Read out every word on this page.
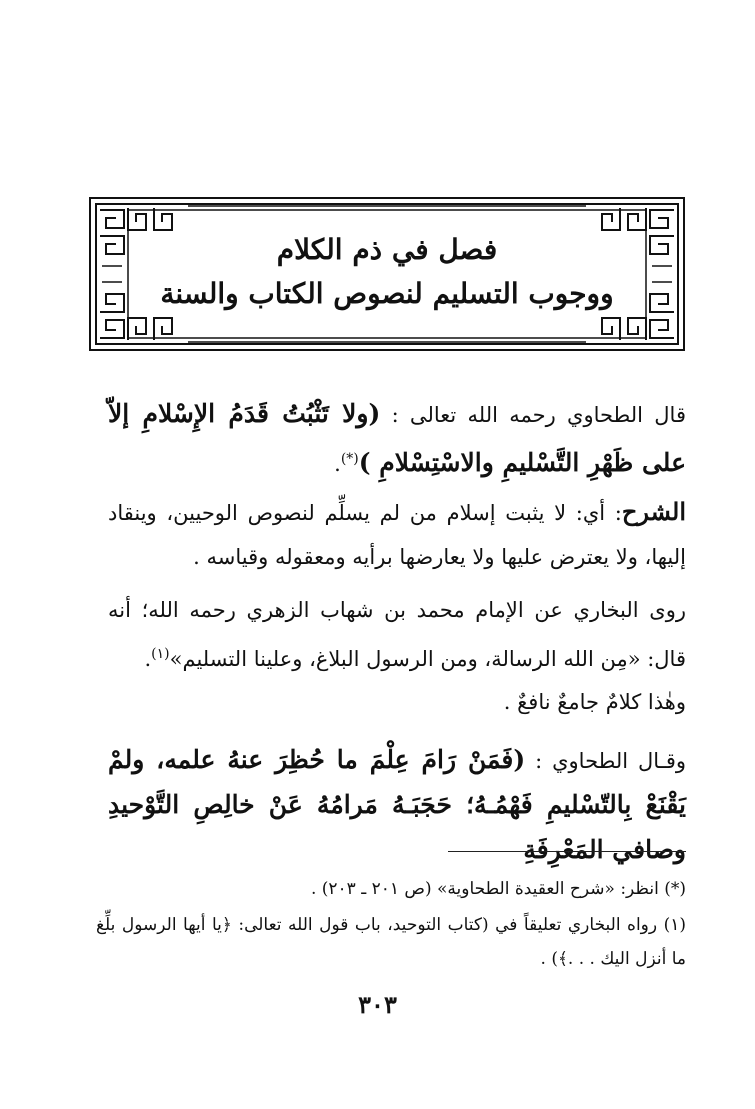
فصل في ذم الكلام
ووجوب التسليم لنصوص الكتاب والسنة
قال الطحاوي رحمه الله تعالى : (ولا تَثْبُتُ قَدَمُ الإِسْلامِ إلاّ على ظَهْرِ التَّسْليمِ والاسْتِسْلامِ )(*).
الشرح: أي: لا يثبت إسلام من لم يسلِّم لنصوص الوحيين، وينقاد إليها، ولا يعترض عليها ولا يعارضها برأيه ومعقوله وقياسه .
روى البخاري عن الإمام محمد بن شهاب الزهري رحمه الله؛ أنه قال: «مِن الله الرسالة، ومن الرسول البلاغ، وعلينا التسليم»$^{(١)}$.
وهٰذا كلامٌ جامعٌ نافعٌ .
وقـال الطحاوي : (فَمَنْ رَامَ عِلْمَ ما حُظِرَ عنهُ علمه، ولمْ يَقْنَعْ بِالتّسْليمِ فَهْمُـهُ؛ حَجَبَـهُ مَرامُهُ عَنْ خالِصِ التَّوْحيدِ وصافي المَعْرِفَةِ
(*) انظر: «شرح العقيدة الطحاوية» (ص ٢٠١ ـ ٢٠٣) .
(١) رواه البخاري تعليقاً في (كتاب التوحيد، باب قول الله تعالى: ﴿يا أيها الرسول بلِّغ ما أنزل اليك . . .﴾) .
٣٠٣
